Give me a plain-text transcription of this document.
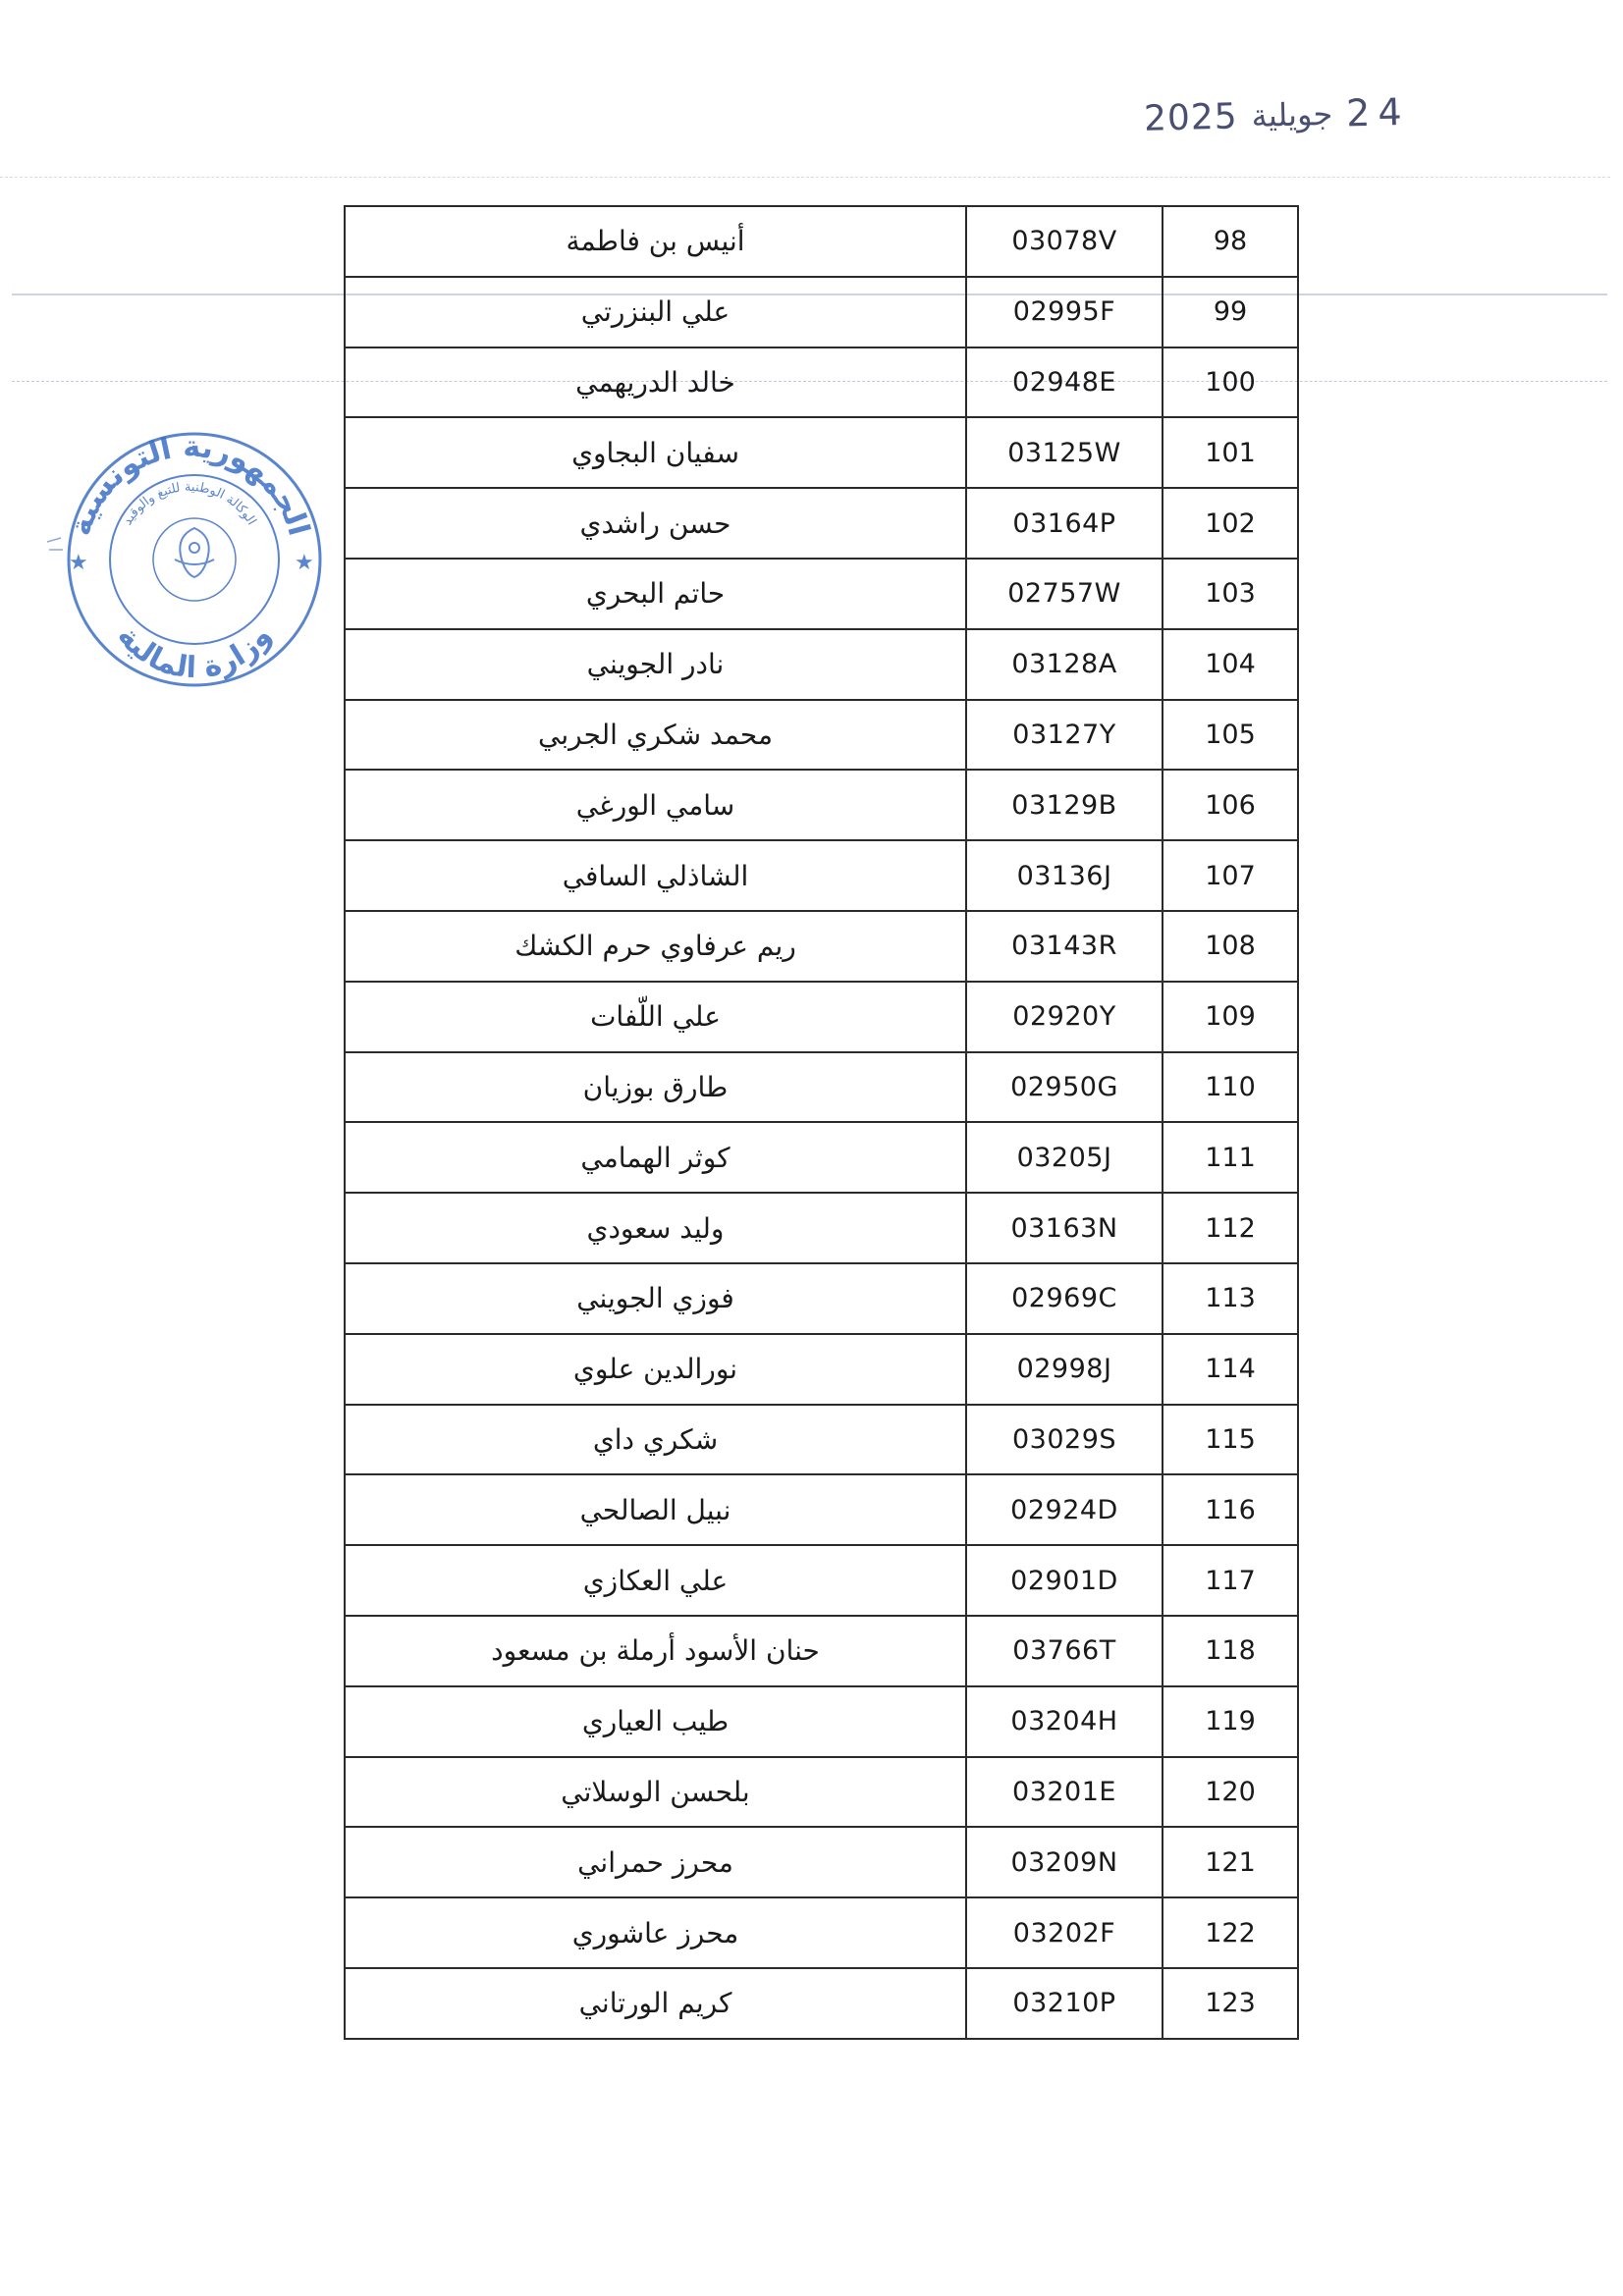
2025 جويلية 24
الجمهورية التونسية
وزارة المالية
الوكالة الوطنية للتبغ والوقيد
★	★
98	03078V	أنيس بن فاطمة
99	02995F	علي البنزرتي
100	02948E	خالد الدريهمي
101	03125W	سفيان البجاوي
102	03164P	حسن راشدي
103	02757W	حاتم البحري
104	03128A	نادر الجويني
105	03127Y	محمد شكري الجربي
106	03129B	سامي الورغي
107	03136J	الشاذلي السافي
108	03143R	ريم عرفاوي حرم الكشك
109	02920Y	علي اللّفات
110	02950G	طارق بوزيان
111	03205J	كوثر الهمامي
112	03163N	وليد سعودي
113	02969C	فوزي الجويني
114	02998J	نورالدين علوي
115	03029S	شكري داي
116	02924D	نبيل الصالحي
117	02901D	علي العكازي
118	03766T	حنان الأسود أرملة بن مسعود
119	03204H	طيب العياري
120	03201E	بلحسن الوسلاتي
121	03209N	محرز حمراني
122	03202F	محرز عاشوري
123	03210P	كريم الورتاني
